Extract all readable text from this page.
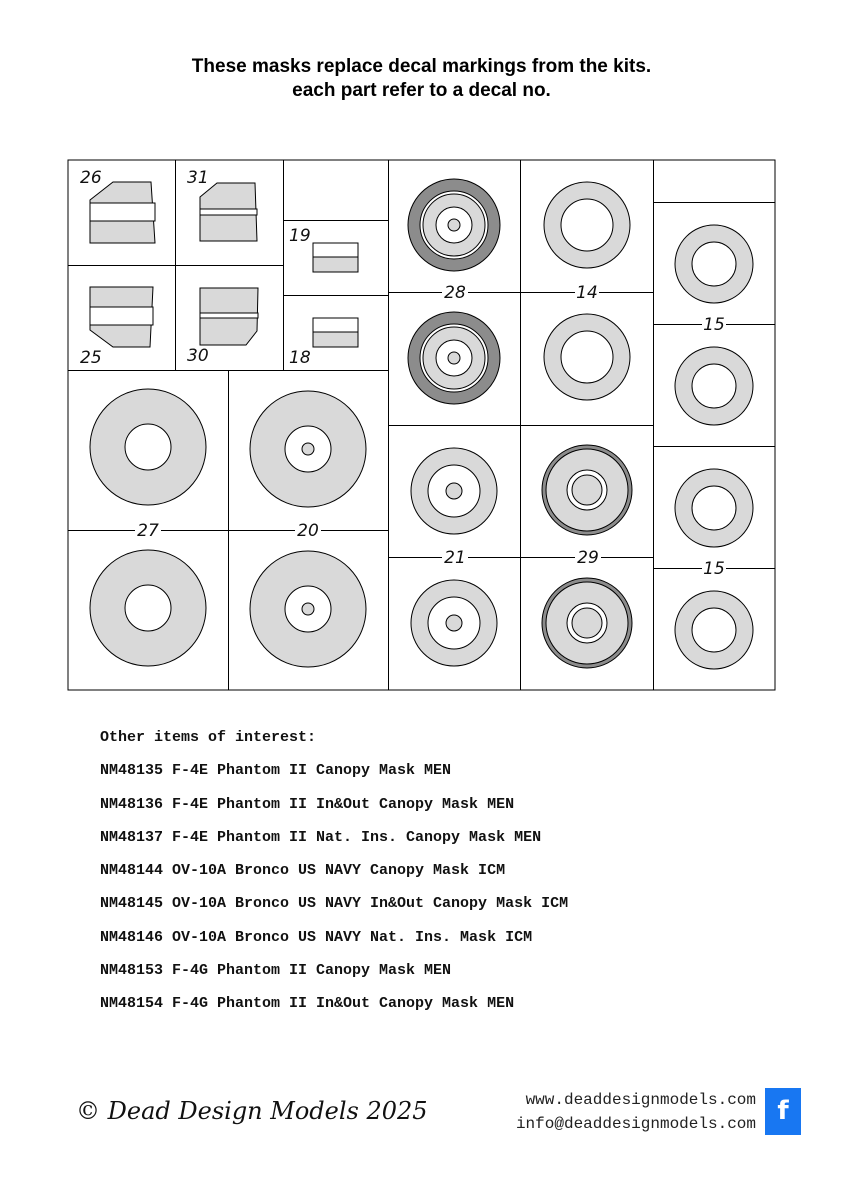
These masks replace decal markings from the kits.
each part refer to a decal no.
26	31
19
25	30	18
28	14
15
27	20
21	29
15
Other items of interest:
NM48135 F-4E Phantom II Canopy Mask MEN
NM48136 F-4E Phantom II In&Out Canopy Mask MEN
NM48137 F-4E Phantom II Nat. Ins. Canopy Mask MEN
NM48144 OV-10A Bronco US NAVY Canopy Mask ICM
NM48145 OV-10A Bronco US NAVY In&Out Canopy Mask ICM
NM48146 OV-10A Bronco US NAVY Nat. Ins. Mask ICM
NM48153 F-4G Phantom II Canopy Mask MEN
NM48154 F-4G Phantom II In&Out Canopy Mask MEN
© Dead Design Models 2025	www.deaddesignmodels.com
info@deaddesignmodels.com f
